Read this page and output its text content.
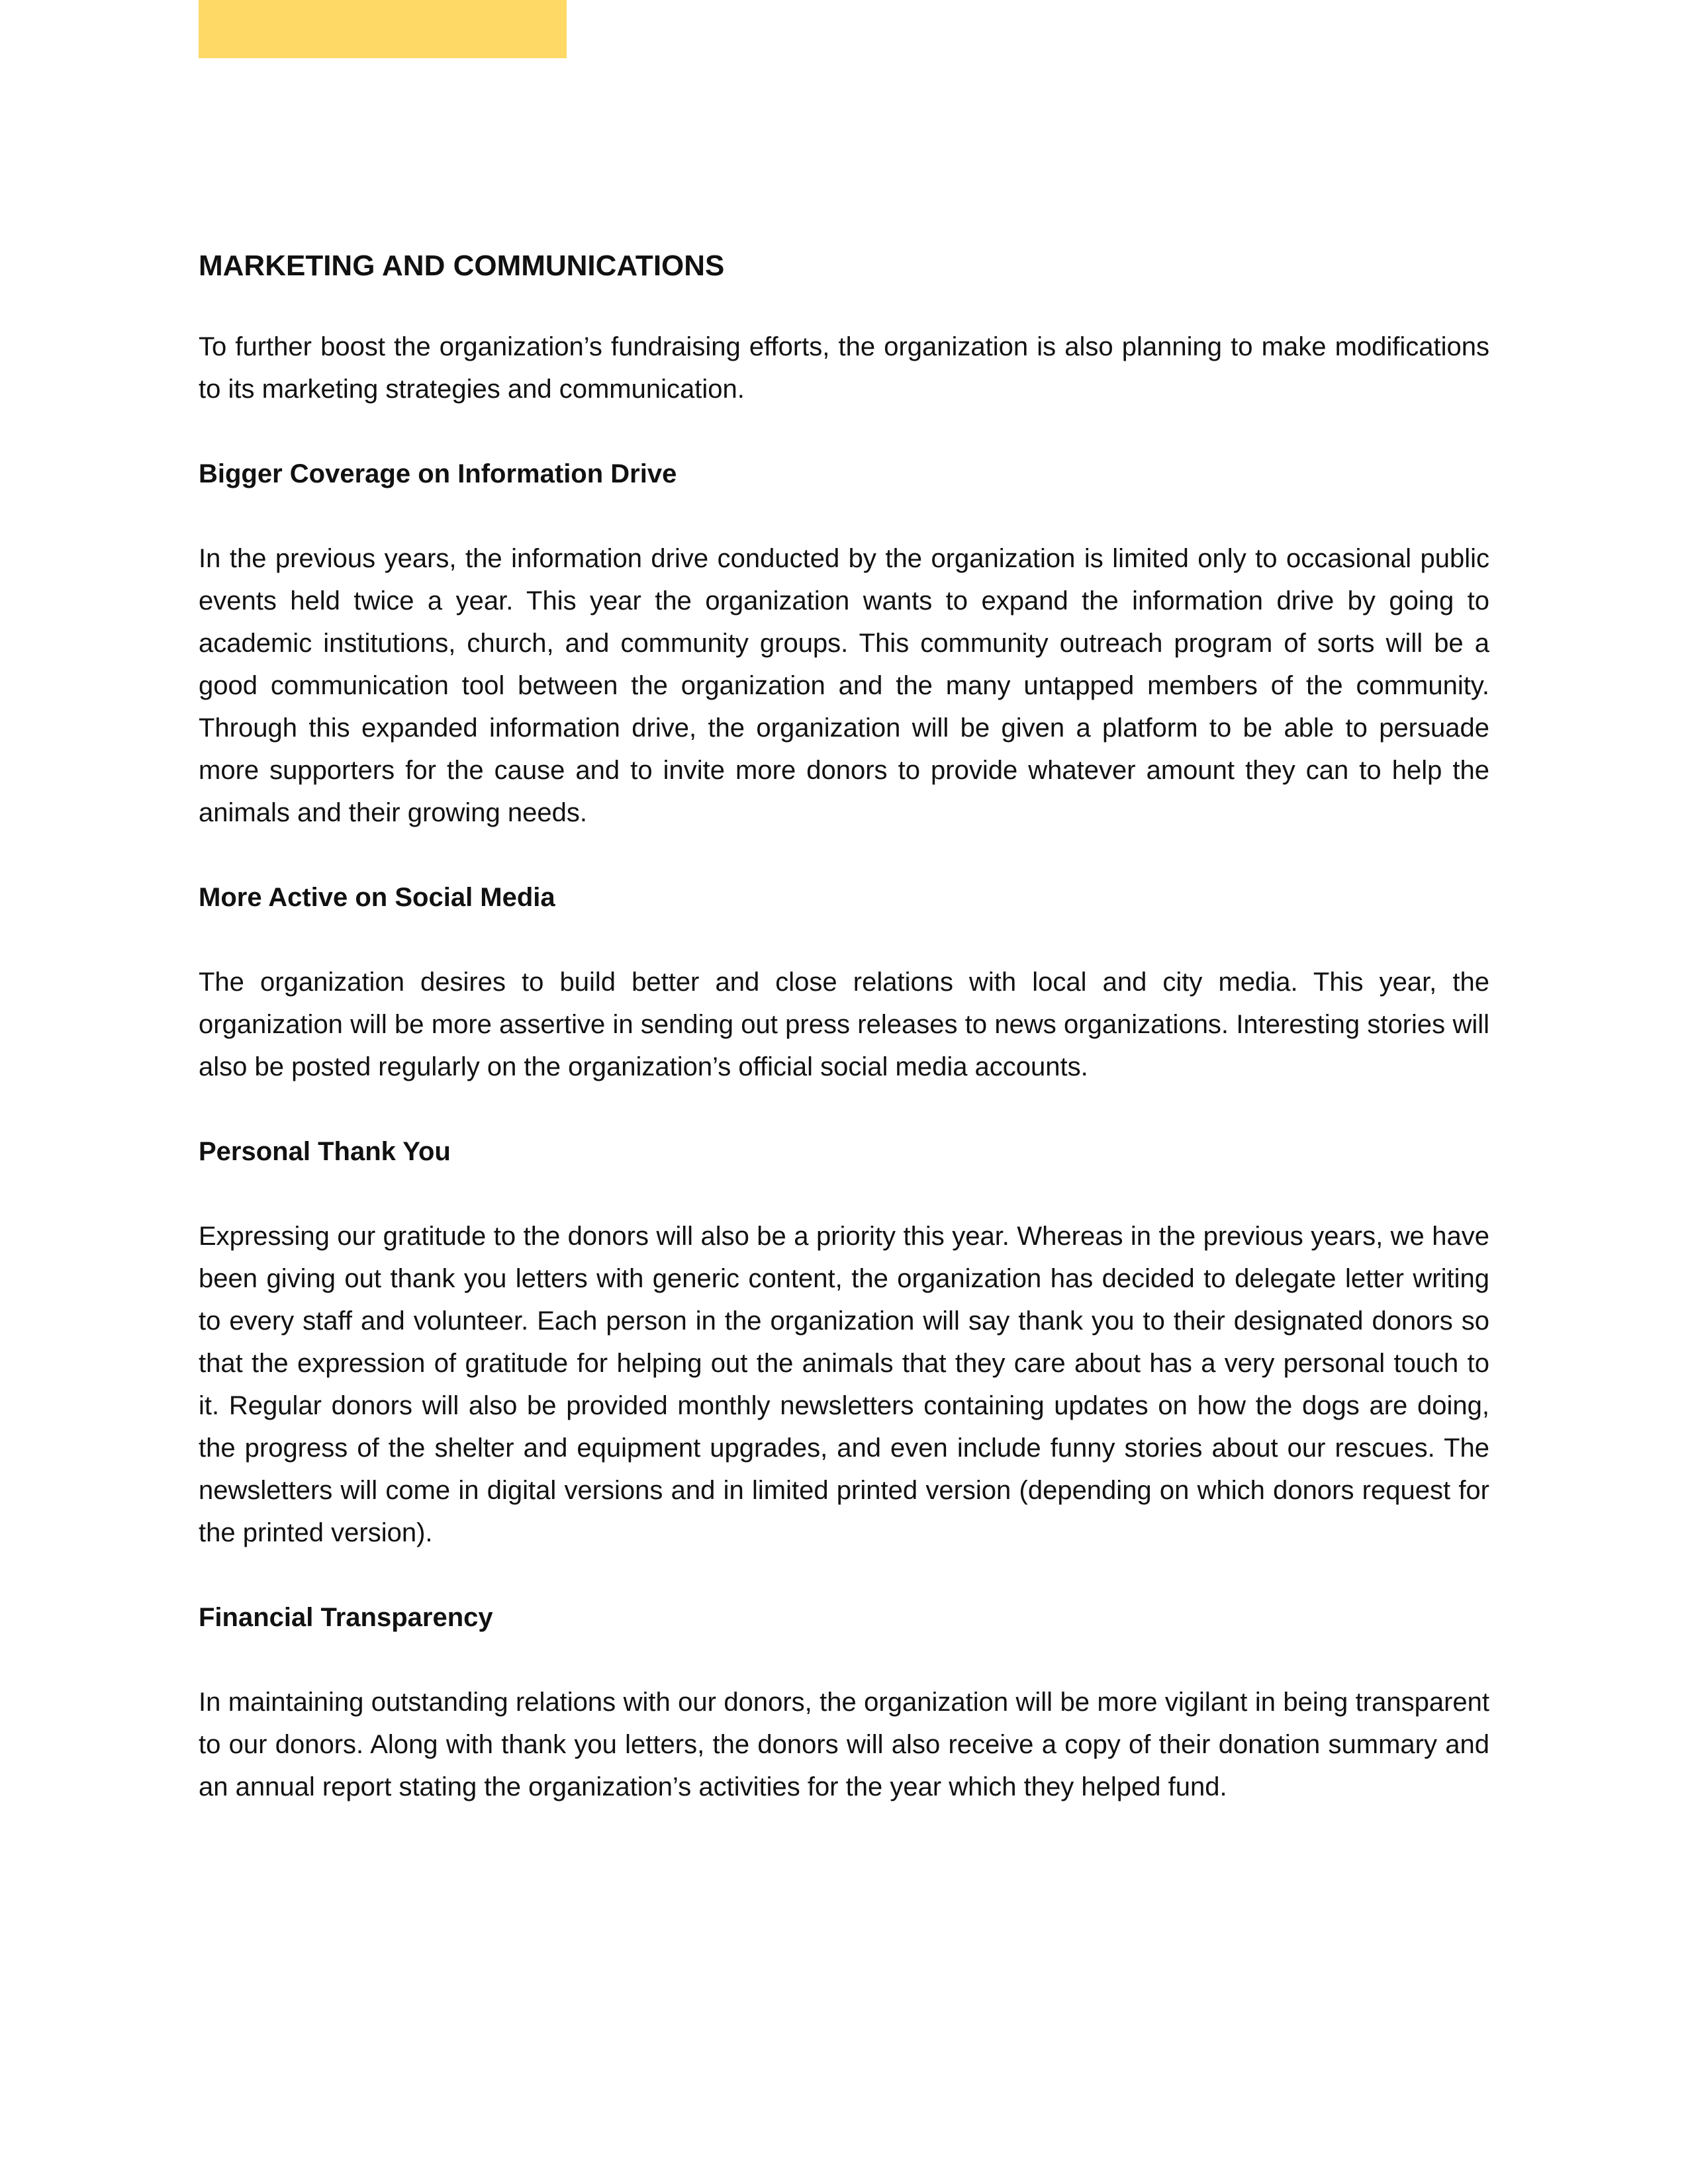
MARKETING AND COMMUNICATIONS

To further boost the organization’s fundraising efforts, the organization is also planning to make modifications to its marketing strategies and communication.

Bigger Coverage on Information Drive

In the previous years, the information drive conducted by the organization is limited only to occasional public events held twice a year. This year the organization wants to expand the information drive by going to academic institutions, church, and community groups. This community outreach program of sorts will be a good communication tool between the organization and the many untapped members of the community. Through this expanded information drive, the organization will be given a platform to be able to persuade more supporters for the cause and to invite more donors to provide whatever amount they can to help the animals and their growing needs.

More Active on Social Media

The organization desires to build better and close relations with local and city media. This year, the organization will be more assertive in sending out press releases to news organizations. Interesting stories will also be posted regularly on the organization’s official social media accounts.

Personal Thank You

Expressing our gratitude to the donors will also be a priority this year. Whereas in the previous years, we have been giving out thank you letters with generic content, the organization has decided to delegate letter writing to every staff and volunteer. Each person in the organization will say thank you to their designated donors so that the expression of gratitude for helping out the animals that they care about has a very personal touch to it. Regular donors will also be provided monthly newsletters containing updates on how the dogs are doing, the progress of the shelter and equipment upgrades, and even include funny stories about our rescues. The newsletters will come in digital versions and in limited printed version (depending on which donors request for the printed version).

Financial Transparency

In maintaining outstanding relations with our donors, the organization will be more vigilant in being transparent to our donors. Along with thank you letters, the donors will also receive a copy of their donation summary and an annual report stating the organization’s activities for the year which they helped fund.
